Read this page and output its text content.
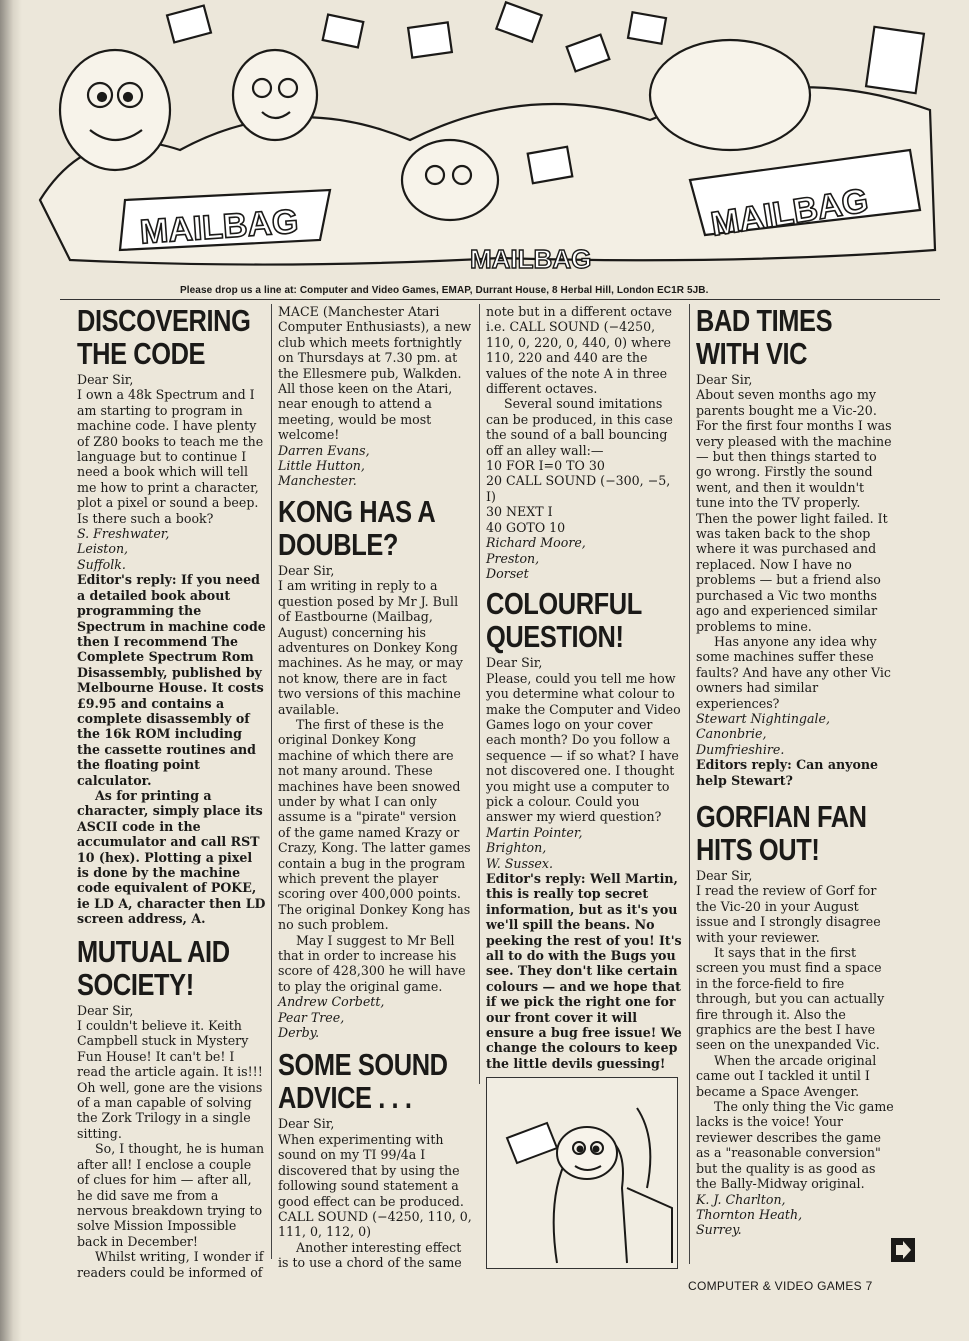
MAILBAG
MAILBAG
MAILBAG
Please drop us a line at: Computer and Video Games, EMAP, Durrant House, 8 Herbal Hill, London EC1R 5JB.
DISCOVERING THE CODE

Dear Sir,

I own a 48k Spectrum and I am starting to program in machine code. I have plenty of Z80 books to teach me the language but to continue I need a book which will tell me how to print a character, plot a pixel or sound a beep. Is there such a book?

S. Freshwater,

Leiston,

Suffolk.

Editor's reply: If you need a detailed book about programming the Spectrum in machine code then I recommend The Complete Spectrum Rom Disassembly, published by Melbourne House. It costs £9.95 and contains a complete disassembly of the 16k ROM including the cassette routines and the floating point calculator.

As for printing a character, simply place its ASCII code in the accumulator and call RST 10 (hex). Plotting a pixel is done by the machine code equivalent of POKE, ie LD A, character then LD screen address, A.

MUTUAL AID SOCIETY!

Dear Sir,

I couldn't believe it. Keith Campbell stuck in Mystery Fun House! It can't be! I read the article again. It is!!! Oh well, gone are the visions of a man capable of solving the Zork Trilogy in a single sitting.

So, I thought, he is human after all! I enclose a couple of clues for him — after all, he did save me from a nervous breakdown trying to solve Mission Impossible back in December!

Whilst writing, I wonder if readers could be informed of

MACE (Manchester Atari Computer Enthusiasts), a new club which meets fortnightly on Thursdays at 7.30 pm. at the Ellesmere pub, Walkden. All those keen on the Atari, near enough to attend a meeting, would be most welcome!

Darren Evans,

Little Hutton,

Manchester.

KONG HAS A DOUBLE?

Dear Sir,

I am writing in reply to a question posed by Mr J. Bull of Eastbourne (Mailbag, August) concerning his adventures on Donkey Kong machines. As he may, or may not know, there are in fact two versions of this machine available.

The first of these is the original Donkey Kong machine of which there are not many around. These machines have been snowed under by what I can only assume is a "pirate" version of the game named Krazy or Crazy, Kong. The latter games contain a bug in the program which prevent the player scoring over 400,000 points. The original Donkey Kong has no such problem.

May I suggest to Mr Bell that in order to increase his score of 428,300 he will have to play the original game.

Andrew Corbett,

Pear Tree,

Derby.

SOME SOUND ADVICE . . .

Dear Sir,

When experimenting with sound on my TI 99/4a I discovered that by using the following sound statement a good effect can be produced. CALL SOUND (−4250, 110, 0, 111, 0, 112, 0)

Another interesting effect is to use a chord of the same

note but in a different octave i.e. CALL SOUND (−4250, 110, 0, 220, 0, 440, 0) where 110, 220 and 440 are the values of the note A in three different octaves.

Several sound imitations can be produced, in this case the sound of a ball bouncing off an alley wall:—

10 FOR I=0 TO 30

20 CALL SOUND (−300, −5, I)

30 NEXT I

40 GOTO 10

Richard Moore,

Preston,

Dorset

COLOURFUL QUESTION!

Dear Sir,

Please, could you tell me how you determine what colour to make the Computer and Video Games logo on your cover each month? Do you follow a sequence — if so what? I have not discovered one. I thought you might use a computer to pick a colour. Could you answer my wierd question?

Martin Pointer,

Brighton,

W. Sussex.

Editor's reply: Well Martin, this is really top secret information, but as it's you we'll spill the beans. No peeking the rest of you! It's all to do with the Bugs you see. They don't like certain colours — and we hope that if we pick the right one for our front cover it will ensure a bug free issue! We change the colours to keep the little devils guessing!

BAD TIMES WITH VIC

Dear Sir,

About seven months ago my parents bought me a Vic-20. For the first four months I was very pleased with the machine — but then things started to go wrong. Firstly the sound went, and then it wouldn't tune into the TV properly. Then the power light failed. It was taken back to the shop where it was purchased and replaced. Now I have no problems — but a friend also purchased a Vic two months ago and experienced similar problems to mine.

Has anyone any idea why some machines suffer these faults? And have any other Vic owners had similar experiences?

Stewart Nightingale,

Canonbrie,

Dumfrieshire.

Editors reply: Can anyone help Stewart?

GORFIAN FAN HITS OUT!

Dear Sir,

I read the review of Gorf for the Vic-20 in your August issue and I strongly disagree with your reviewer.

It says that in the first screen you must find a space in the force-field to fire through, but you can actually fire through it. Also the graphics are the best I have seen on the unexpanded Vic.

When the arcade original came out I tackled it until I became a Space Avenger.

The only thing the Vic game lacks is the voice! Your reviewer describes the game as a "reasonable conversion" but the quality is as good as the Bally-Midway original.

K. J. Charlton,

Thornton Heath,

Surrey.

COMPUTER & VIDEO GAMES 7
